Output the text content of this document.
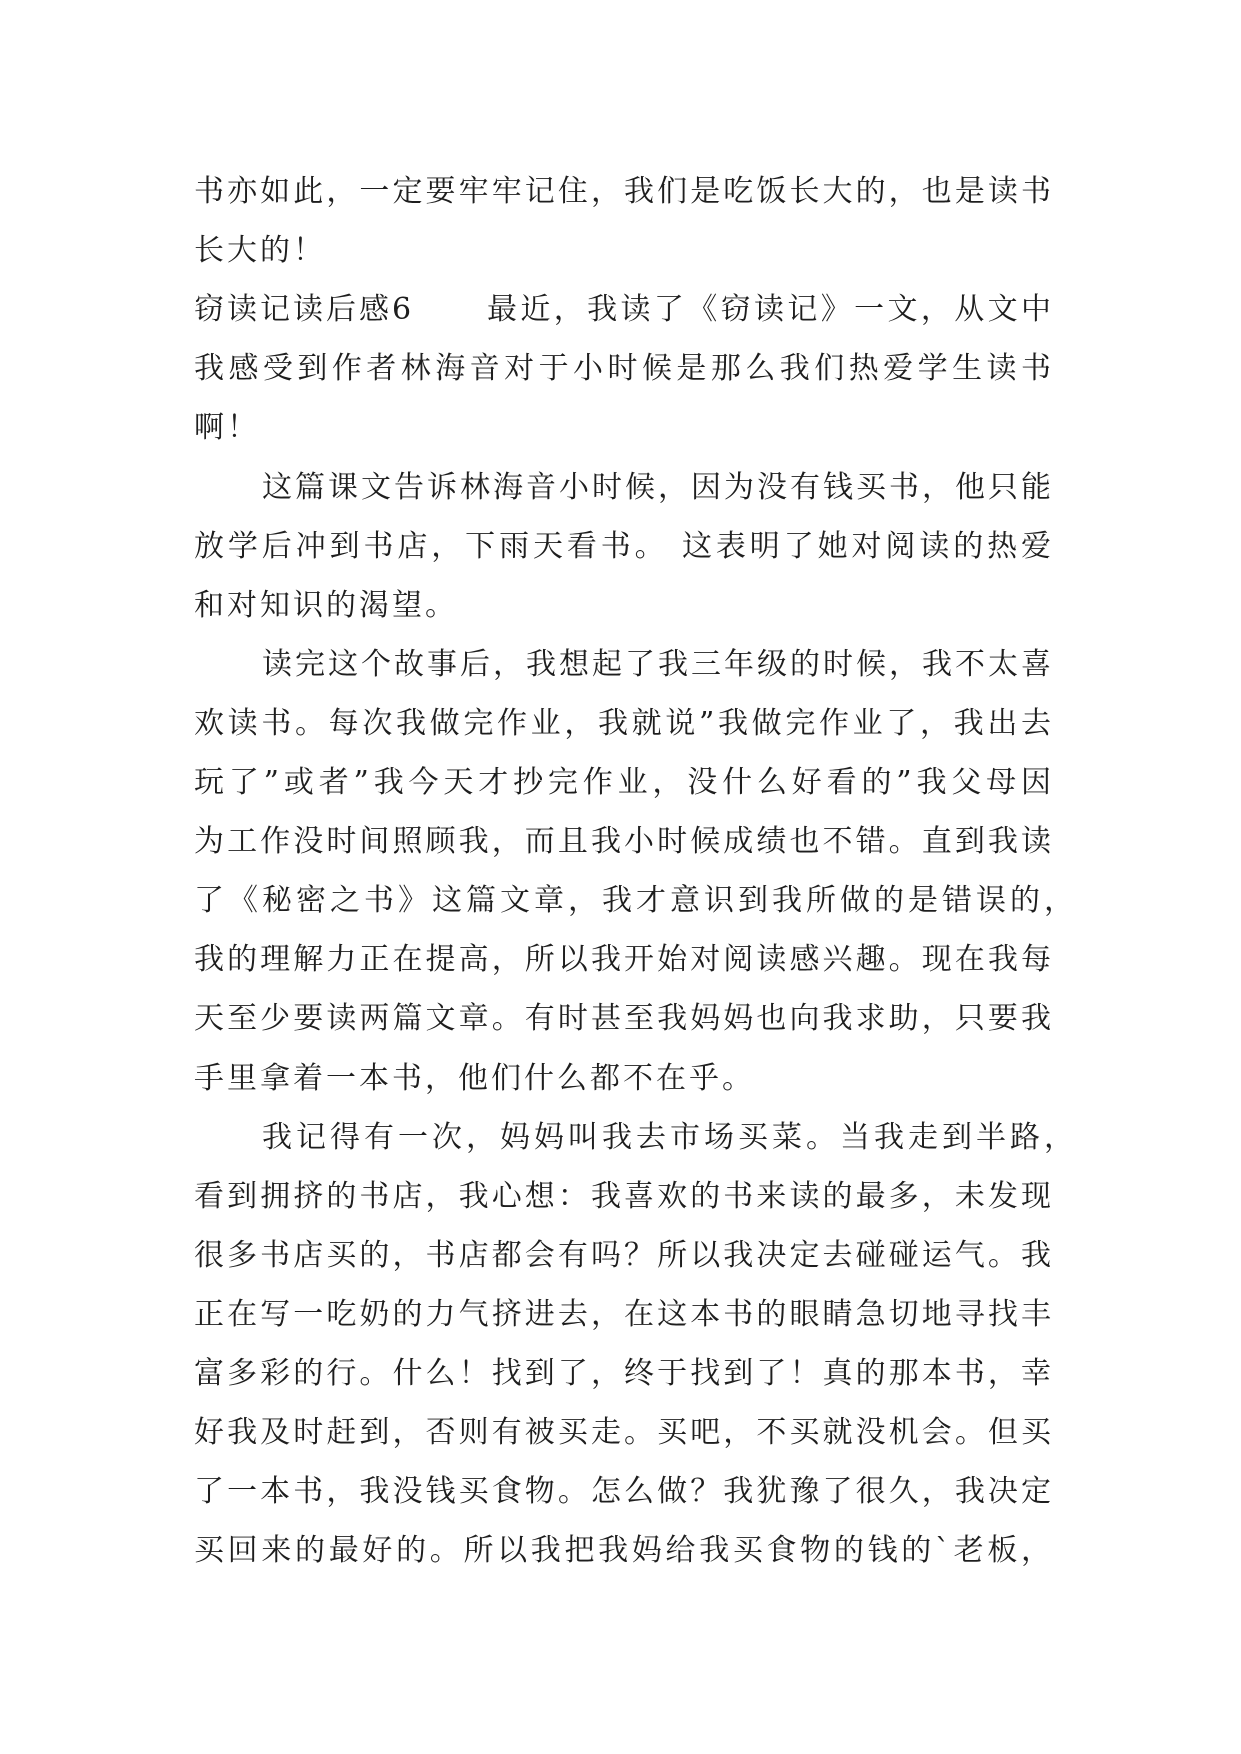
书亦如此，一定要牢牢记住，我们是吃饭长大的，也是读书
长大的！
窃读记读后感6	最近，我读了《窃读记》一文，从文中
我感受到作者林海音对于小时候是那么我们热爱学生读书
啊！
这篇课文告诉林海音小时候，因为没有钱买书，他只能
放学后冲到书店，下雨天看书。 这表明了她对阅读的热爱
和对知识的渴望。
读完这个故事后，我想起了我三年级的时候，我不太喜
欢读书。每次我做完作业，我就说”我做完作业了，我出去
玩了”或者”我今天才抄完作业，没什么好看的”我父母因
为工作没时间照顾我，而且我小时候成绩也不错。直到我读
了《秘密之书》这篇文章，我才意识到我所做的是错误的，
我的理解力正在提高，所以我开始对阅读感兴趣。现在我每
天至少要读两篇文章。有时甚至我妈妈也向我求助，只要我
手里拿着一本书，他们什么都不在乎。
我记得有一次，妈妈叫我去市场买菜。当我走到半路，
看到拥挤的书店，我心想：我喜欢的书来读的最多，未发现
很多书店买的，书店都会有吗？所以我决定去碰碰运气。我
正在写一吃奶的力气挤进去，在这本书的眼睛急切地寻找丰
富多彩的行。什么！找到了，终于找到了！真的那本书，幸
好我及时赶到，否则有被买走。买吧，不买就没机会。但买
了一本书，我没钱买食物。怎么做？我犹豫了很久，我决定
买回来的最好的。所以我把我妈给我买食物的钱的`老板，
